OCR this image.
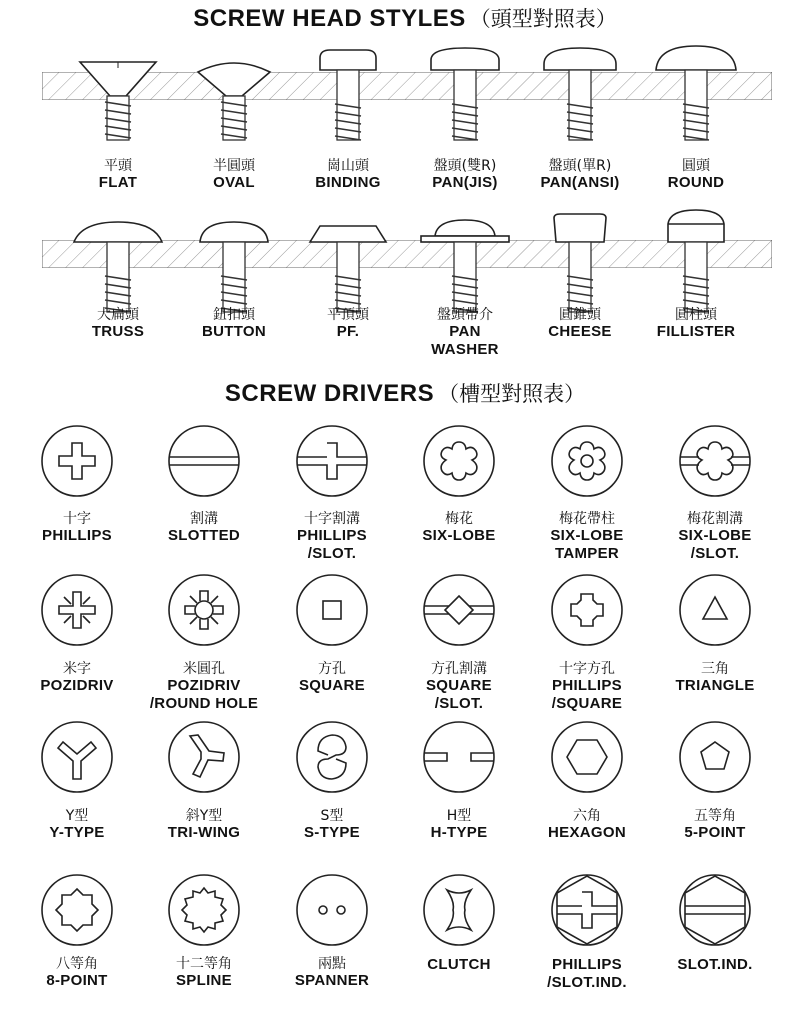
SCREW HEAD STYLES （頭型對照表）
平頭
FLAT
半圓頭
OVAL
崗山頭
BINDING
盤頭(雙R)
PAN(JIS)
盤頭(單R)
PAN(ANSI)
圓頭
ROUND
大扁頭
TRUSS
鈕扣頭
BUTTON
平頂頭
PF.
盤頭帶介
PAN
WASHER
圓錐頭
CHEESE
圓柱頭
FILLISTER
SCREW DRIVERS （槽型對照表）
十字
PHILLIPS
割溝
SLOTTED
十字割溝
PHILLIPS
/SLOT.
梅花
SIX-LOBE
梅花帶柱
SIX-LOBE
TAMPER
梅花割溝
SIX-LOBE
/SLOT.
米字
POZIDRIV
米圓孔
POZIDRIV
/ROUND HOLE
方孔
SQUARE
方孔割溝
SQUARE
/SLOT.
十字方孔
PHILLIPS
/SQUARE
三角
TRIANGLE
Y型
Y-TYPE
斜Y型
TRI-WING
S型
S-TYPE
H型
H-TYPE
六角
HEXAGON
五等角
5-POINT
八等角
8-POINT
十二等角
SPLINE
兩點
SPANNER
CLUTCH	PHILLIPS
/SLOT.IND.
SLOT.IND.
